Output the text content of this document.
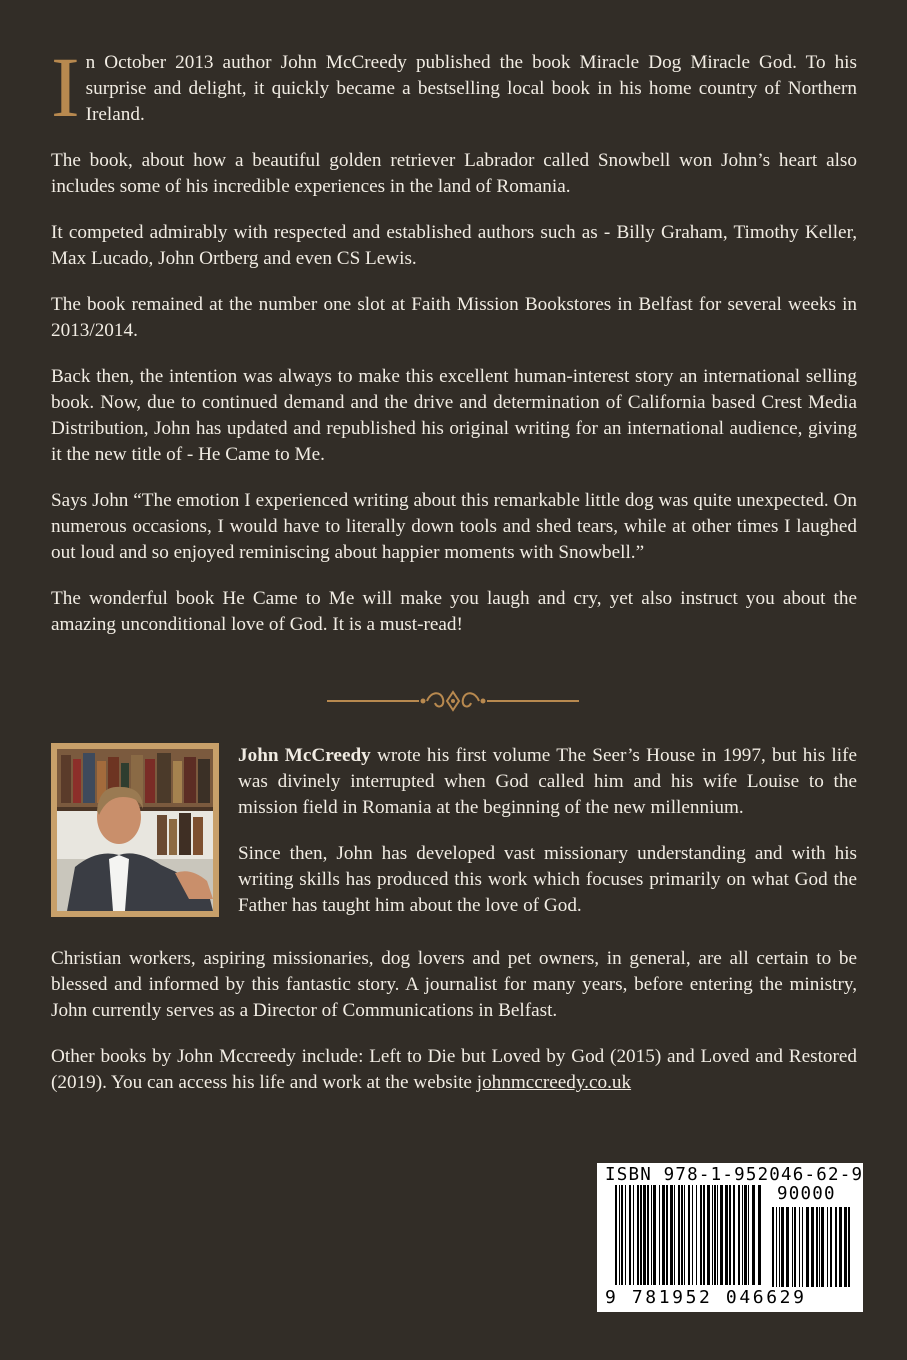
In October 2013 author John McCreedy published the book Miracle Dog Miracle God. To his surprise and delight, it quickly became a bestselling local book in his home country of Northern Ireland.
The book, about how a beautiful golden retriever Labrador called Snowbell won John’s heart also includes some of his incredible experiences in the land of Romania.
It competed admirably with respected and established authors such as - Billy Graham, Timothy Keller, Max Lucado, John Ortberg and even CS Lewis.
The book remained at the number one slot at Faith Mission Bookstores in Belfast for several weeks in 2013/2014.
Back then, the intention was always to make this excellent human-interest story an international selling book. Now, due to continued demand and the drive and determination of California based Crest Media Distribution, John has updated and republished his original writing for an international audience, giving it the new title of - He Came to Me.
Says John “The emotion I experienced writing about this remarkable little dog was quite unexpected. On numerous occasions, I would have to literally down tools and shed tears, while at other times I laughed out loud and so enjoyed reminiscing about happier moments with Snowbell.”
The wonderful book He Came to Me will make you laugh and cry, yet also instruct you about the amazing unconditional love of God. It is a must-read!
John McCreedy wrote his first volume The Seer’s House in 1997, but his life was divinely interrupted when God called him and his wife Louise to the mission field in Romania at the beginning of the new millennium.
Since then, John has developed vast missionary understanding and with his writing skills has produced this work which focuses primarily on what God the Father has taught him about the love of God.
Christian workers, aspiring missionaries, dog lovers and pet owners, in general, are all certain to be blessed and informed by this fantastic story. A journalist for many years, before entering the ministry, John currently serves as a Director of Communications in Belfast.
Other books by John Mccreedy include: Left to Die but Loved by God (2015) and Loved and Restored (2019). You can access his life and work at the website johnmccreedy.co.uk
ISBN 978-1-952046-62-9
90000
9 781952 046629
